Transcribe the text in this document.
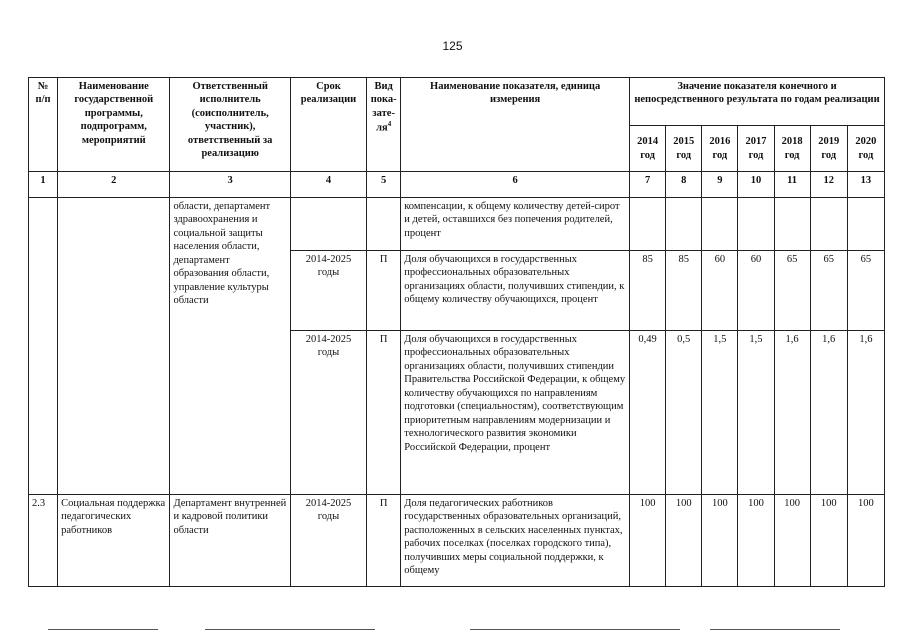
125
№ п/п	Наименование государственной программы, подпрограмм, мероприятий	Ответственный исполнитель (соисполнитель, участник), ответственный за реализацию	Срок реализации	Вид пока-$зате-ля^4$	Наименование показателя, единица измерения	Значение показателя конечного и непосредственного результата по годам реализации						
						2014 год	2015 год	2016 год	2017 год	2018 год	2019 год	2020 год
1	2	3	4	5	6	7	8	9	10	11	12	13
		области, департамент здравоохранения и социальной защиты населения области, департамент образования области, управление культуры области			компенсации, к общему количеству детей-сирот и детей, оставшихся без попечения родителей, процент							
			2014-2025 годы	П	Доля обучающихся в государственных профессиональных образовательных организациях области, получивших стипендии, к общему количеству обучающихся, процент	85	85	60	60	65	65	65
			2014-2025 годы	П	Доля обучающихся в государственных профессиональных образовательных организациях области, получивших стипендии Правительства Российской Федерации, к общему количеству обучающихся по направлениям подготовки (специальностям), соответствующим приоритетным направлениям модернизации и технологического развития экономики Российской Федерации, процент	0,49	0,5	1,5	1,5	1,6	1,6	1,6
2.3	Социальная поддержка педагогических работников	Департамент внутренней и кадровой политики области	2014-2025 годы	П	Доля педагогических работников государственных образовательных организаций, расположенных в сельских населенных пунктах, рабочих поселках (поселках городского типа), получивших меры социальной поддержки, к общему	100	100	100	100	100	100	100
